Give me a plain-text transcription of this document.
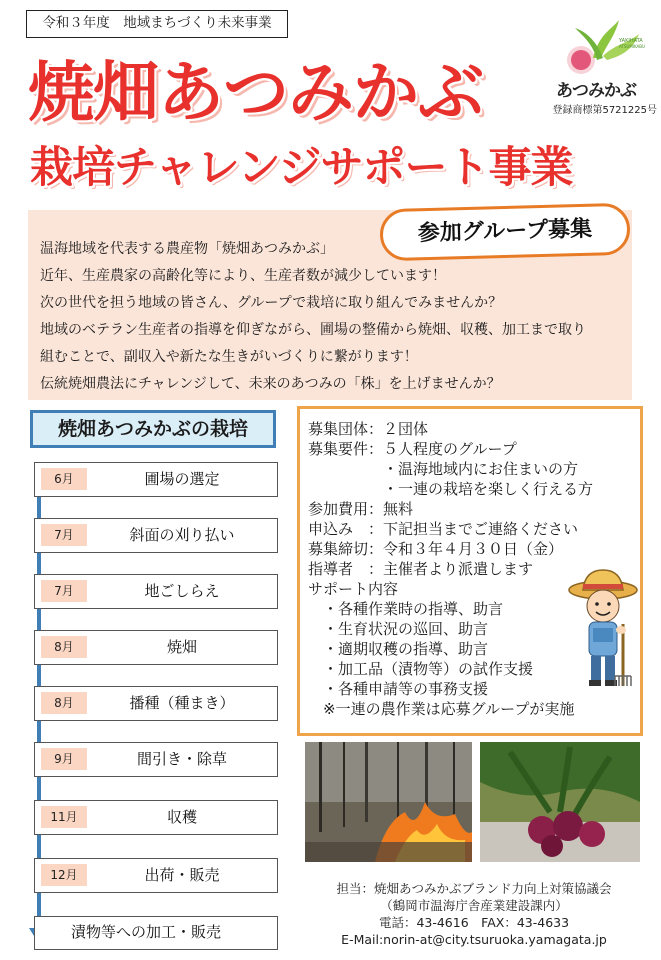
令和３年度　地域まちづくり未来事業
焼畑あつみかぶ
栽培チャレンジサポート事業
YAKIHATA
ATSUMIKABU
あつみかぶ
登録商標第5721225号
温海地域を代表する農産物「焼畑あつみかぶ」
近年、生産農家の高齢化等により、生産者数が減少しています！
次の世代を担う地域の皆さん、グループで栽培に取り組んでみませんか？
地域のベテラン生産者の指導を仰ぎながら、圃場の整備から焼畑、収穫、加工まで取り
組むことで、副収入や新たな生きがいづくりに繋がります！
伝統焼畑農法にチャレンジして、未来のあつみの「株」を上げませんか？
参加グループ募集
焼畑あつみかぶの栽培
6月	圃場の選定
7月	斜面の刈り払い
7月	地ごしらえ
8月	焼畑
8月	播種（種まき）
9月	間引き・除草
11月	収穫
12月	出荷・販売
漬物等への加工・販売
募集団体：２団体
募集要件：５人程度のグループ
　　　　　・温海地域内にお住まいの方
　　　　　・一連の栽培を楽しく行える方
参加費用：無料
申込み　：下記担当までご連絡ください
募集締切：令和３年４月３０日（金）
指導者　：主催者より派遣します
サポート内容
　・各種作業時の指導、助言
　・生育状況の巡回、助言
　・適期収穫の指導、助言
　・加工品（漬物等）の試作支援
　・各種申請等の事務支援
　※一連の農作業は応募グループが実施
担当：焼畑あつみかぶブランド力向上対策協議会
（鶴岡市温海庁舎産業建設課内）
電話：43-4616　FAX：43-4633
E-Mail:norin-at@city.tsuruoka.yamagata.jp
